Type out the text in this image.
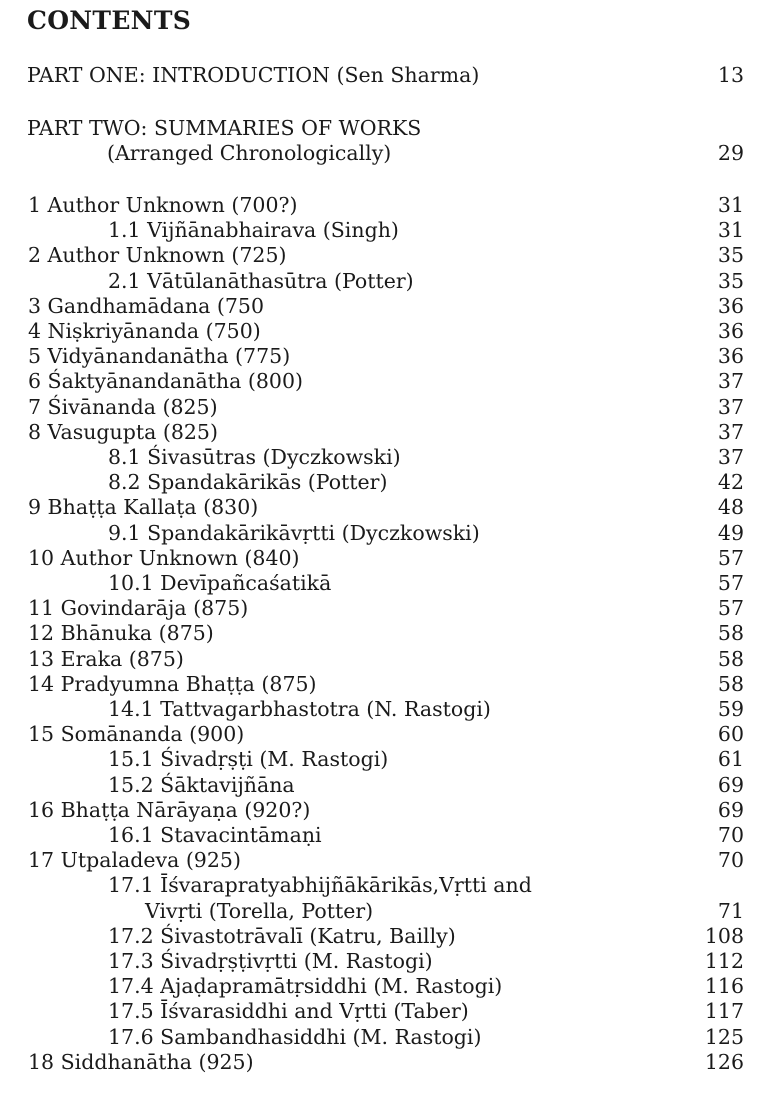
CONTENTS
PART ONE: INTRODUCTION (Sen Sharma)	13
PART TWO: SUMMARIES OF WORKS
(Arranged Chronologically)	29
1 Author Unknown (700?)	31
1.1 Vijñānabhairava (Singh)	31
2 Author Unknown (725)	35
2.1 Vātūlanāthasūtra (Potter)	35
3 Gandhamādana (750	36
4 Niṣkriyānanda (750)	36
5 Vidyānandanātha (775)	36
6 Śaktyānandanātha (800)	37
7 Śivānanda (825)	37
8 Vasugupta (825)	37
8.1 Śivasūtras (Dyczkowski)	37
8.2 Spandakārikās (Potter)	42
9 Bhaṭṭa Kallaṭa (830)	48
9.1 Spandakārikāvṛtti (Dyczkowski)	49
10 Author Unknown (840)	57
10.1 Devīpañcaśatikā	57
11 Govindarāja (875)	57
12 Bhānuka (875)	58
13 Eraka (875)	58
14 Pradyumna Bhaṭṭa (875)	58
14.1 Tattvagarbhastotra (N. Rastogi)	59
15 Somānanda (900)	60
15.1 Śivadṛṣṭi (M. Rastogi)	61
15.2 Śāktavijñāna	69
16 Bhaṭṭa Nārāyaṇa (920?)	69
16.1 Stavacintāmaṇi	70
17 Utpaladeva (925)	70
17.1 Īśvarapratyabhijñākārikās,Vṛtti and
Vivṛti (Torella, Potter)	71
17.2 Śivastotrāvalī (Katru, Bailly)	108
17.3 Śivadṛṣṭivṛtti (M. Rastogi)	112
17.4 Ajaḍapramātṛsiddhi (M. Rastogi)	116
17.5 Īśvarasiddhi and Vṛtti (Taber)	117
17.6 Sambandhasiddhi (M. Rastogi)	125
18 Siddhanātha (925)	126
